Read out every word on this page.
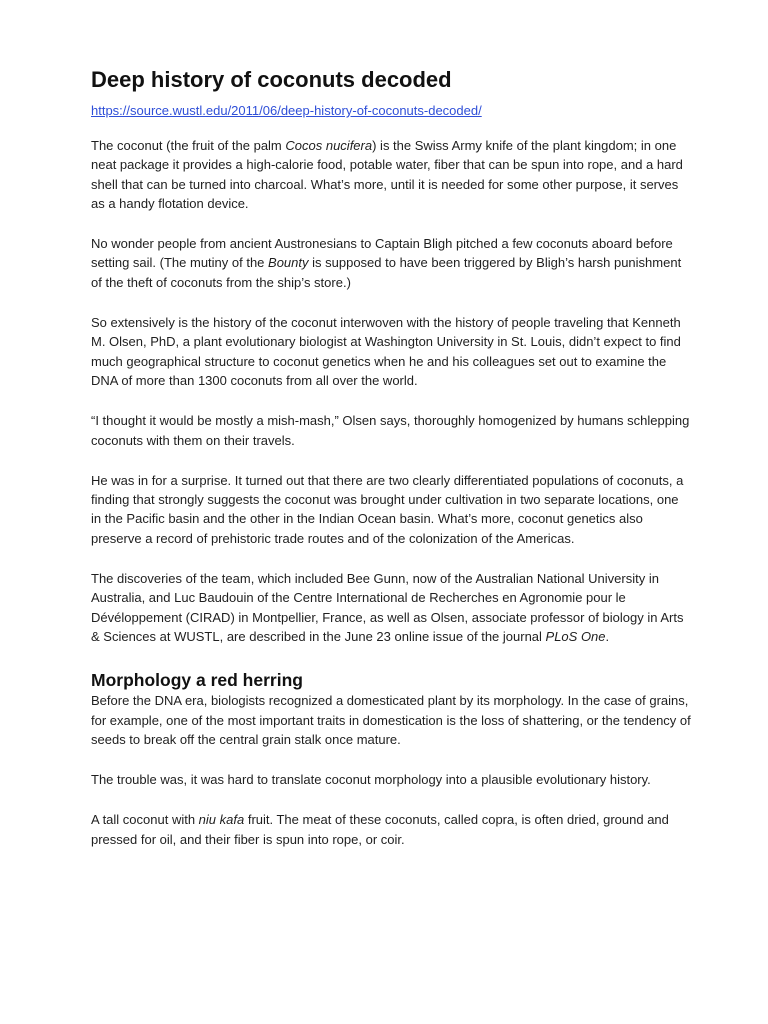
Deep history of coconuts decoded
https://source.wustl.edu/2011/06/deep-history-of-coconuts-decoded/

The coconut (the fruit of the palm Cocos nucifera) is the Swiss Army knife of the plant kingdom; in one neat package it provides a high-calorie food, potable water, fiber that can be spun into rope, and a hard shell that can be turned into charcoal. What’s more, until it is needed for some other purpose, it serves as a handy flotation device.

No wonder people from ancient Austronesians to Captain Bligh pitched a few coconuts aboard before setting sail. (The mutiny of the Bounty is supposed to have been triggered by Bligh’s harsh punishment of the theft of coconuts from the ship’s store.)

So extensively is the history of the coconut interwoven with the history of people traveling that Kenneth M. Olsen, PhD, a plant evolutionary biologist at Washington University in St. Louis, didn’t expect to find much geographical structure to coconut genetics when he and his colleagues set out to examine the DNA of more than 1300 coconuts from all over the world.

“I thought it would be mostly a mish-mash,” Olsen says, thoroughly homogenized by humans schlepping coconuts with them on their travels.

He was in for a surprise. It turned out that there are two clearly differentiated populations of coconuts, a finding that strongly suggests the coconut was brought under cultivation in two separate locations, one in the Pacific basin and the other in the Indian Ocean basin. What’s more, coconut genetics also preserve a record of prehistoric trade routes and of the colonization of the Americas.

The discoveries of the team, which included Bee Gunn, now of the Australian National University in Australia, and Luc Baudouin of the Centre International de Recherches en Agronomie pour le Dévéloppement (CIRAD) in Montpellier, France, as well as Olsen, associate professor of biology in Arts & Sciences at WUSTL, are described in the June 23 online issue of the journal PLoS One.

Morphology a red herring

Before the DNA era, biologists recognized a domesticated plant by its morphology. In the case of grains, for example, one of the most important traits in domestication is the loss of shattering, or the tendency of seeds to break off the central grain stalk once mature.

The trouble was, it was hard to translate coconut morphology into a plausible evolutionary history.

A tall coconut with niu kafa fruit. The meat of these coconuts, called copra, is often dried, ground and pressed for oil, and their fiber is spun into rope, or coir.
